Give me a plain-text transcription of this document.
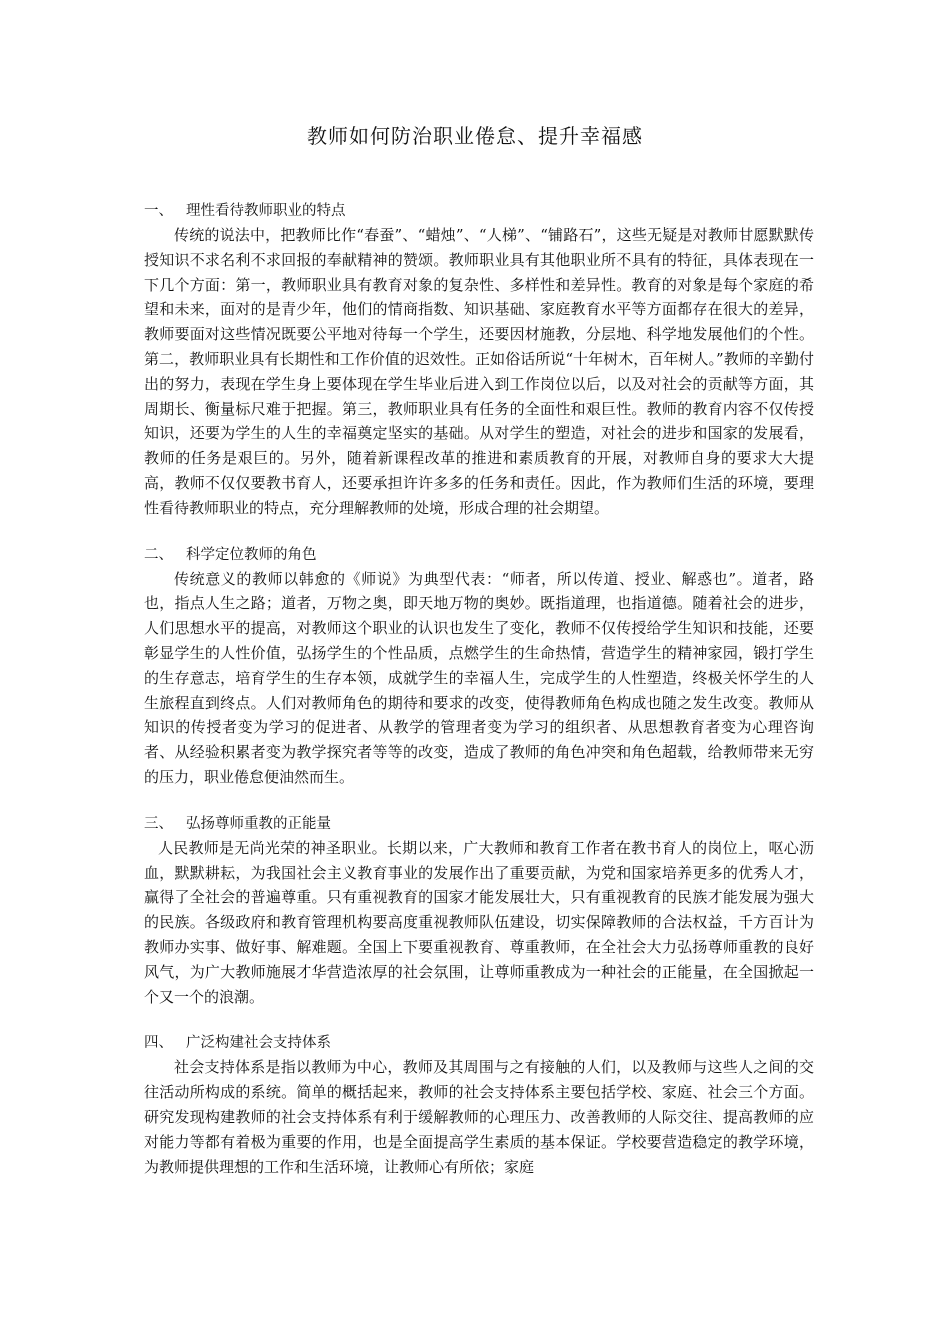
教师如何防治职业倦怠、提升幸福感
一、 理性看待教师职业的特点

传统的说法中，把教师比作“春蚕”、“蜡烛”、“人梯”、“铺路石”，这些无疑是对教师甘愿默默传授知识不求名利不求回报的奉献精神的赞颂。教师职业具有其他职业所不具有的特征，具体表现在一下几个方面：第一，教师职业具有教育对象的复杂性、多样性和差异性。教育的对象是每个家庭的希望和未来，面对的是青少年，他们的情商指数、知识基础、家庭教育水平等方面都存在很大的差异，教师要面对这些情况既要公平地对待每一个学生，还要因材施教，分层地、科学地发展他们的个性。第二，教师职业具有长期性和工作价值的迟效性。正如俗话所说“十年树木，百年树人。”教师的辛勤付出的努力，表现在学生身上要体现在学生毕业后进入到工作岗位以后，以及对社会的贡献等方面，其周期长、衡量标尺难于把握。第三，教师职业具有任务的全面性和艰巨性。教师的教育内容不仅传授知识，还要为学生的人生的幸福奠定坚实的基础。从对学生的塑造，对社会的进步和国家的发展看，教师的任务是艰巨的。另外，随着新课程改革的推进和素质教育的开展，对教师自身的要求大大提高，教师不仅仅要教书育人，还要承担许许多多的任务和责任。因此，作为教师们生活的环境，要理性看待教师职业的特点，充分理解教师的处境，形成合理的社会期望。

二、 科学定位教师的角色

传统意义的教师以韩愈的《师说》为典型代表：“师者，所以传道、授业、解惑也”。道者，路也，指点人生之路；道者，万物之奥，即天地万物的奥妙。既指道理，也指道德。随着社会的进步，人们思想水平的提高，对教师这个职业的认识也发生了变化，教师不仅传授给学生知识和技能，还要彰显学生的人性价值，弘扬学生的个性品质，点燃学生的生命热情，营造学生的精神家园，锻打学生的生存意志，培育学生的生存本领，成就学生的幸福人生，完成学生的人性塑造，终极关怀学生的人生旅程直到终点。人们对教师角色的期待和要求的改变，使得教师角色构成也随之发生改变。教师从知识的传授者变为学习的促进者、从教学的管理者变为学习的组织者、从思想教育者变为心理咨询者、从经验积累者变为教学探究者等等的改变，造成了教师的角色冲突和角色超载，给教师带来无穷的压力，职业倦怠便油然而生。

三、 弘扬尊师重教的正能量

人民教师是无尚光荣的神圣职业。长期以来，广大教师和教育工作者在教书育人的岗位上，呕心沥血，默默耕耘，为我国社会主义教育事业的发展作出了重要贡献，为党和国家培养更多的优秀人才，赢得了全社会的普遍尊重。只有重视教育的国家才能发展壮大，只有重视教育的民族才能发展为强大的民族。各级政府和教育管理机构要高度重视教师队伍建设，切实保障教师的合法权益，千方百计为教师办实事、做好事、解难题。全国上下要重视教育、尊重教师，在全社会大力弘扬尊师重教的良好风气，为广大教师施展才华营造浓厚的社会氛围，让尊师重教成为一种社会的正能量，在全国掀起一个又一个的浪潮。

四、 广泛构建社会支持体系

社会支持体系是指以教师为中心，教师及其周围与之有接触的人们，以及教师与这些人之间的交往活动所构成的系统。简单的概括起来，教师的社会支持体系主要包括学校、家庭、社会三个方面。研究发现构建教师的社会支持体系有利于缓解教师的心理压力、改善教师的人际交往、提高教师的应对能力等都有着极为重要的作用，也是全面提高学生素质的基本保证。学校要营造稳定的教学环境，为教师提供理想的工作和生活环境，让教师心有所依；家庭
